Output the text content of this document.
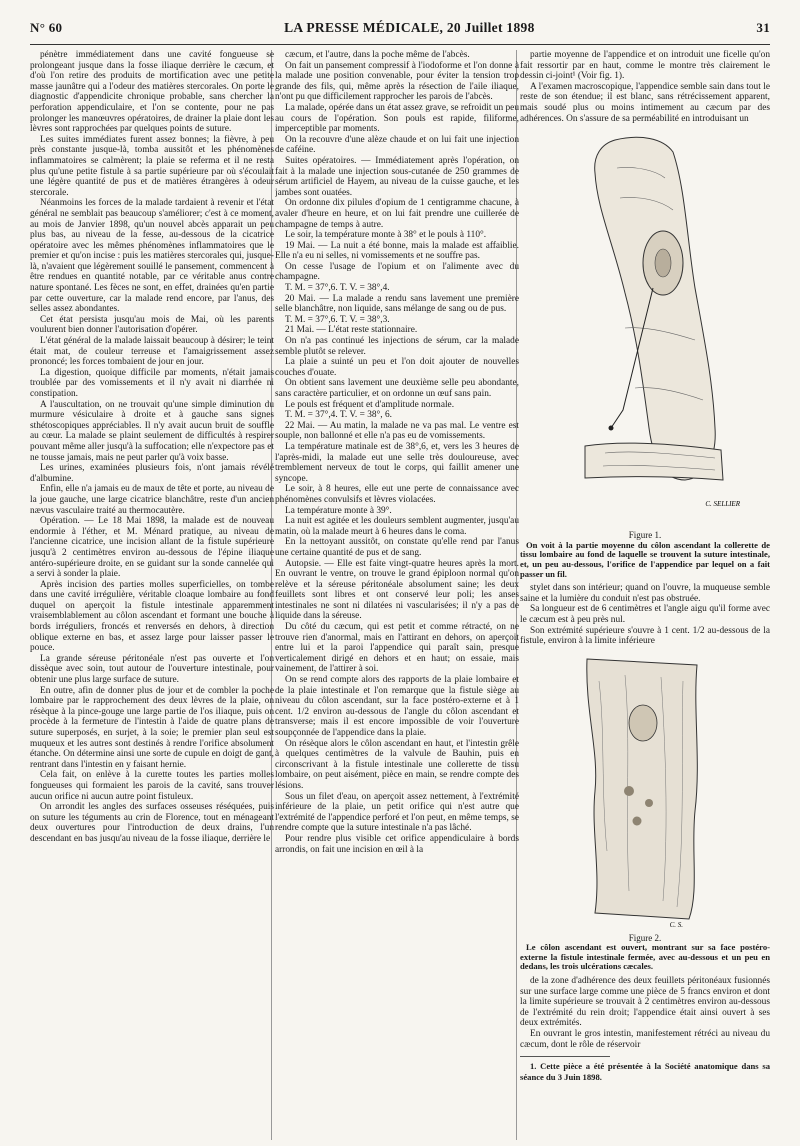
N° 60	LA PRESSE MÉDICALE, 20 Juillet 1898	31

pénètre immédiatement dans une cavité fongueuse se prolongeant jusque dans la fosse iliaque derrière le cæcum, et d'où l'on retire des produits de mortification avec une petite masse jaunâtre qui a l'odeur des matières stercorales. On porte le diagnostic d'appendicite chronique probable, sans chercher la perforation appendiculaire, et l'on se contente, pour ne pas prolonger les manœuvres opératoires, de drainer la plaie dont les lèvres sont rapprochées par quelques points de suture.

Les suites immédiates furent assez bonnes; la fièvre, à peu près constante jusque-là, tomba aussitôt et les phénomènes inflammatoires se calmèrent; la plaie se referma et il ne resta plus qu'une petite fistule à sa partie supérieure par où s'écoulait une légère quantité de pus et de matières étrangères à odeur stercorale.

Néanmoins les forces de la malade tardaient à revenir et l'état général ne semblait pas beaucoup s'améliorer; c'est à ce moment, au mois de Janvier 1898, qu'un nouvel abcès apparait un peu plus bas, au niveau de la fesse, au-dessous de la cicatrice opératoire avec les mêmes phénomènes inflammatoires que le premier et qu'on incise : puis les matières stercorales qui, jusque-là, n'avaient que légèrement souillé le pansement, commencent à être rendues en quantité notable, par ce véritable anus contre nature spontané. Les fèces ne sont, en effet, drainées qu'en partie par cette ouverture, car la malade rend encore, par l'anus, des selles assez abondantes.

Cet état persista jusqu'au mois de Mai, où les parents voulurent bien donner l'autorisation d'opérer.

L'état général de la malade laissait beaucoup à désirer; le teint était mat, de couleur terreuse et l'amaigrissement assez prononcé; les forces tombaient de jour en jour.

La digestion, quoique difficile par moments, n'était jamais troublée par des vomissements et il n'y avait ni diarrhée ni constipation.

A l'auscultation, on ne trouvait qu'une simple diminution du murmure vésiculaire à droite et à gauche sans signes sthétoscopiques appréciables. Il n'y avait aucun bruit de souffle au cœur. La malade se plaint seulement de difficultés à respirer pouvant même aller jusqu'à la suffocation; elle n'expectore pas et ne tousse jamais, mais ne peut parler qu'à voix basse.

Les urines, examinées plusieurs fois, n'ont jamais révélé d'albumine.

Enfin, elle n'a jamais eu de maux de tête et porte, au niveau de la joue gauche, une large cicatrice blanchâtre, reste d'un ancien nævus vasculaire traité au thermocautère.

Opération. — Le 18 Mai 1898, la malade est de nouveau endormie à l'éther, et M. Ménard pratique, au niveau de l'ancienne cicatrice, une incision allant de la fistule supérieure jusqu'à 2 centimètres environ au-dessous de l'épine iliaque antéro-supérieure droite, en se guidant sur la sonde cannelée qui a servi à sonder la plaie.

Après incision des parties molles superficielles, on tombe dans une cavité irrégulière, véritable cloaque lombaire au fond duquel on aperçoit la fistule intestinale apparemment vraisemblablement au côlon ascendant et formant une bouche à bords irréguliers, froncés et renversés en dehors, à direction oblique externe en bas, et assez large pour laisser passer le pouce.

La grande séreuse péritonéale n'est pas ouverte et l'on dissèque avec soin, tout autour de l'ouverture intestinale, pour obtenir une plus large surface de suture.

En outre, afin de donner plus de jour et de combler la poche lombaire par le rapprochement des deux lèvres de la plaie, on résèque à la pince-gouge une large partie de l'os iliaque, puis on procède à la fermeture de l'intestin à l'aide de quatre plans de suture superposés, en surjet, à la soie; le premier plan seul est muqueux et les autres sont destinés à rendre l'orifice absolument étanche. On détermine ainsi une sorte de cupule en doigt de gant, rentrant dans l'intestin en y faisant hernie.

Cela fait, on enlève à la curette toutes les parties molles fongueuses qui formaient les parois de la cavité, sans trouver aucun orifice ni aucun autre point fistuleux.

On arrondit les angles des surfaces osseuses réséquées, puis on suture les téguments au crin de Florence, tout en ménageant deux ouvertures pour l'introduction de deux drains, l'un descendant en bas jusqu'au niveau de la fosse iliaque, derrière le

cæcum, et l'autre, dans la poche même de l'abcès.

On fait un pansement compressif à l'iodoforme et l'on donne à la malade une position convenable, pour éviter la tension trop grande des fils, qui, même après la résection de l'aile iliaque, n'ont pu que difficilement rapprocher les parois de l'abcès.

La malade, opérée dans un état assez grave, se refroidit un peu au cours de l'opération. Son pouls est rapide, filiforme, imperceptible par moments.

On la recouvre d'une alèze chaude et on lui fait une injection de caféine.

Suites opératoires. — Immédiatement après l'opération, on fait à la malade une injection sous-cutanée de 250 grammes de sérum artificiel de Hayem, au niveau de la cuisse gauche, et les jambes sont ouatées.

On ordonne dix pilules d'opium de 1 centigramme chacune, à avaler d'heure en heure, et on lui fait prendre une cuillerée de champagne de temps à autre.

Le soir, la température monte à 38° et le pouls à 110°.

19 Mai. — La nuit a été bonne, mais la malade est affaiblie. Elle n'a eu ni selles, ni vomissements et ne souffre pas.

On cesse l'usage de l'opium et on l'alimente avec du champagne.

T. M. = 37°,6. T. V. = 38°,4.

20 Mai. — La malade a rendu sans lavement une première selle blanchâtre, non liquide, sans mélange de sang ou de pus.

T. M. = 37°,6. T. V. = 38°,3.

21 Mai. — L'état reste stationnaire.

On n'a pas continué les injections de sérum, car la malade semble plutôt se relever.

La plaie a suinté un peu et l'on doit ajouter de nouvelles couches d'ouate.

On obtient sans lavement une deuxième selle peu abondante, sans caractère particulier, et on ordonne un œuf sans pain.

Le pouls est fréquent et d'amplitude normale.

T. M. = 37°,4. T. V. = 38°, 6.

22 Mai. — Au matin, la malade ne va pas mal. Le ventre est souple, non ballonné et elle n'a pas eu de vomissements.

La température matinale est de 38°,6, et, vers les 3 heures de l'après-midi, la malade eut une selle très douloureuse, avec tremblement nerveux de tout le corps, qui faillit amener une syncope.

Le soir, à 8 heures, elle eut une perte de connaissance avec phénomènes convulsifs et lèvres violacées.

La température monte à 39°.

La nuit est agitée et les douleurs semblent augmenter, jusqu'au matin, où la malade meurt à 6 heures dans le coma.

En la nettoyant aussitôt, on constate qu'elle rend par l'anus une certaine quantité de pus et de sang.

Autopsie. — Elle est faite vingt-quatre heures après la mort. En ouvrant le ventre, on trouve le grand épiploon normal qu'on relève et la séreuse péritonéale absolument saine; les deux feuillets sont libres et ont conservé leur poli; les anses intestinales ne sont ni dilatées ni vascularisées; il n'y a pas de liquide dans la séreuse.

Du côté du cæcum, qui est petit et comme rétracté, on ne trouve rien d'anormal, mais en l'attirant en dehors, on aperçoit entre lui et la paroi l'appendice qui paraît sain, presque verticalement dirigé en dehors et en haut; on essaie, mais vainement, de l'attirer à soi.

On se rend compte alors des rapports de la plaie lombaire et de la plaie intestinale et l'on remarque que la fistule siège au niveau du côlon ascendant, sur la face postéro-externe et à 1 cent. 1/2 environ au-dessous de l'angle du côlon ascendant et transverse; mais il est encore impossible de voir l'ouverture soupçonnée de l'appendice dans la plaie.

On résèque alors le côlon ascendant en haut, et l'intestin grêle à quelques centimètres de la valvule de Bauhin, puis en circonscrivant à la fistule intestinale une collerette de tissu lombaire, on peut aisément, pièce en main, se rendre compte des lésions.

Sous un filet d'eau, on aperçoit assez nettement, à l'extrémité inférieure de la plaie, un petit orifice qui n'est autre que l'extrémité de l'appendice perforé et l'on peut, en même temps, se rendre compte que la suture intestinale n'a pas lâché.

Pour rendre plus visible cet orifice appendiculaire à bords arrondis, on fait une incision en œil à la

partie moyenne de l'appendice et on introduit une ficelle qu'on fait ressortir par en haut, comme le montre très clairement le dessin ci-joint¹ (Voir fig. 1).

A l'examen macroscopique, l'appendice semble sain dans tout le reste de son étendue; il est blanc, sans rétrécissement apparent, mais soudé plus ou moins intimement au cæcum par des adhérences. On s'assure de sa perméabilité en introduisant un

C. SELLIER

Figure 1.

On voit à la partie moyenne du côlon ascendant la collerette de tissu lombaire au fond de laquelle se trouvent la suture intestinale, et, un peu au-dessous, l'orifice de l'appendice par lequel on a fait passer un fil.

stylet dans son intérieur; quand on l'ouvre, la muqueuse semble saine et la lumière du conduit n'est pas obstruée.

Sa longueur est de 6 centimètres et l'angle aigu qu'il forme avec le cæcum est à peu près nul.

Son extrémité supérieure s'ouvre à 1 cent. 1/2 au-dessous de la fistule, environ à la limite inférieure

C. S.

Figure 2.

Le côlon ascendant est ouvert, montrant sur sa face postéro-externe la fistule intestinale fermée, avec au-dessous et un peu en dedans, les trois ulcérations cæcales.

de la zone d'adhérence des deux feuillets péritonéaux fusionnés sur une surface large comme une pièce de 5 francs environ et dont la limite supérieure se trouvait à 2 centimètres environ au-dessous de l'extrémité du rein droit; l'appendice était ainsi ouvert à ses deux extrémités.

En ouvrant le gros intestin, manifestement rétréci au niveau du cæcum, dont le rôle de réservoir

1. Cette pièce a été présentée à la Société anatomique dans sa séance du 3 Juin 1898.
